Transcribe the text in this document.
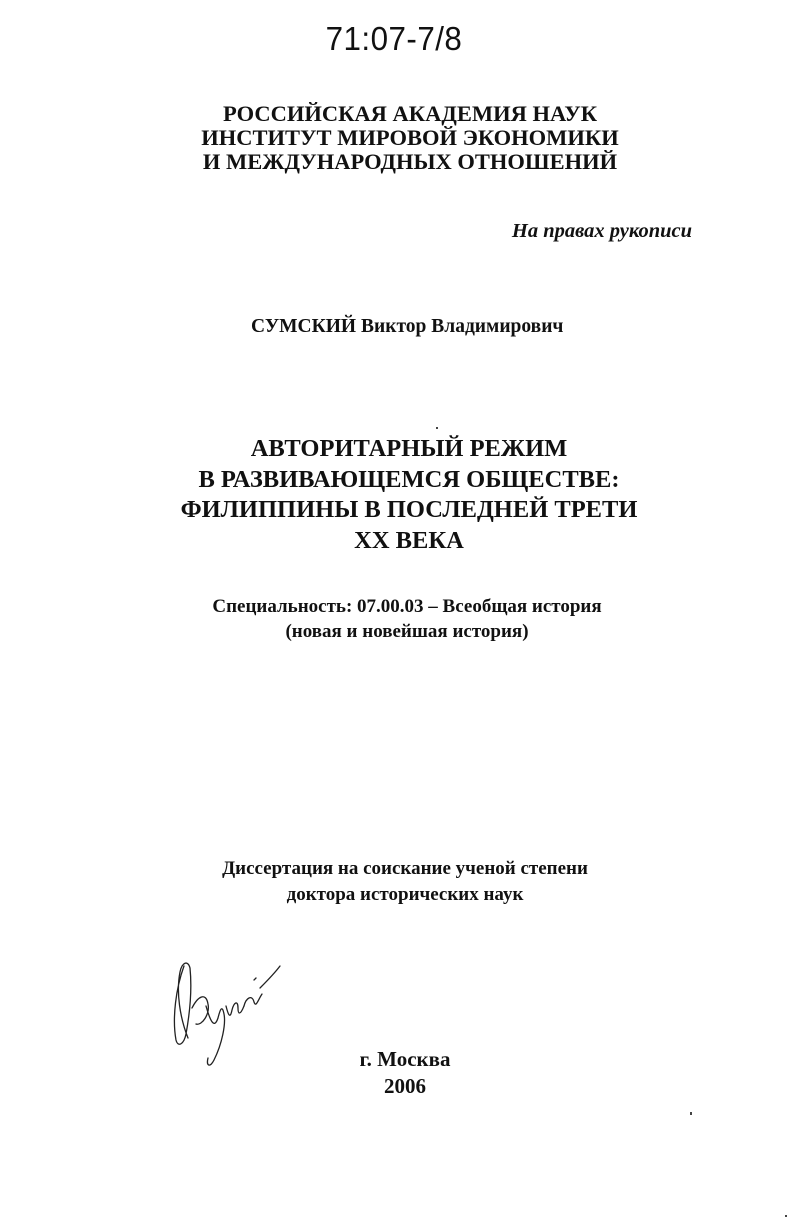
71:07-7/8
РОССИЙСКАЯ АКАДЕМИЯ НАУК
ИНСТИТУТ МИРОВОЙ ЭКОНОМИКИ
И МЕЖДУНАРОДНЫХ ОТНОШЕНИЙ
На правах рукописи
СУМСКИЙ Виктор Владимирович
АВТОРИТАРНЫЙ РЕЖИМ
В РАЗВИВАЮЩЕМСЯ ОБЩЕСТВЕ:
ФИЛИППИНЫ В ПОСЛЕДНЕЙ ТРЕТИ
XX ВЕКА
Специальность: 07.00.03 – Всеобщая история
(новая и новейшая история)
Диссертация на соискание ученой степени
доктора исторических наук
г. Москва
2006
